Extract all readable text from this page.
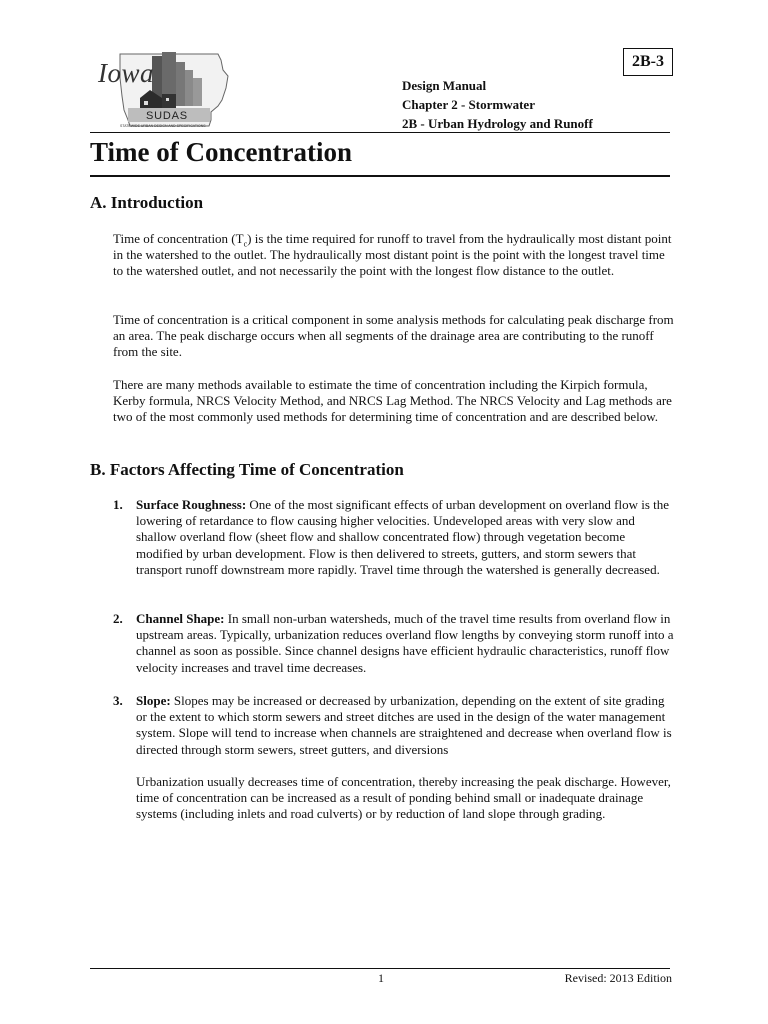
2B-3
Iowa
SUDAS
STATEWIDE URBAN DESIGN AND SPECIFICATIONS
Design Manual
Chapter 2 - Stormwater
2B - Urban Hydrology and Runoff
Time of Concentration
A. Introduction
Time of concentration $(T_c)$ is the time required for runoff to travel from the hydraulically most distant point in the watershed to the outlet. The hydraulically most distant point is the point with the longest travel time to the watershed outlet, and not necessarily the point with the longest flow distance to the outlet.
Time of concentration is a critical component in some analysis methods for calculating peak discharge from an area. The peak discharge occurs when all segments of the drainage area are contributing to the runoff from the site.
There are many methods available to estimate the time of concentration including the Kirpich formula, Kerby formula, NRCS Velocity Method, and NRCS Lag Method. The NRCS Velocity and Lag methods are two of the most commonly used methods for determining time of concentration and are described below.
B. Factors Affecting Time of Concentration
1. Surface Roughness: One of the most significant effects of urban development on overland flow is the lowering of retardance to flow causing higher velocities. Undeveloped areas with very slow and shallow overland flow (sheet flow and shallow concentrated flow) through vegetation become modified by urban development. Flow is then delivered to streets, gutters, and storm sewers that transport runoff downstream more rapidly. Travel time through the watershed is generally decreased.
2. Channel Shape: In small non-urban watersheds, much of the travel time results from overland flow in upstream areas. Typically, urbanization reduces overland flow lengths by conveying storm runoff into a channel as soon as possible. Since channel designs have efficient hydraulic characteristics, runoff flow velocity increases and travel time decreases.
3. Slope: Slopes may be increased or decreased by urbanization, depending on the extent of site grading or the extent to which storm sewers and street ditches are used in the design of the water management system. Slope will tend to increase when channels are straightened and decrease when overland flow is directed through storm sewers, street gutters, and diversions
Urbanization usually decreases time of concentration, thereby increasing the peak discharge. However, time of concentration can be increased as a result of ponding behind small or inadequate drainage systems (including inlets and road culverts) or by reduction of land slope through grading.
1	Revised: 2013 Edition
